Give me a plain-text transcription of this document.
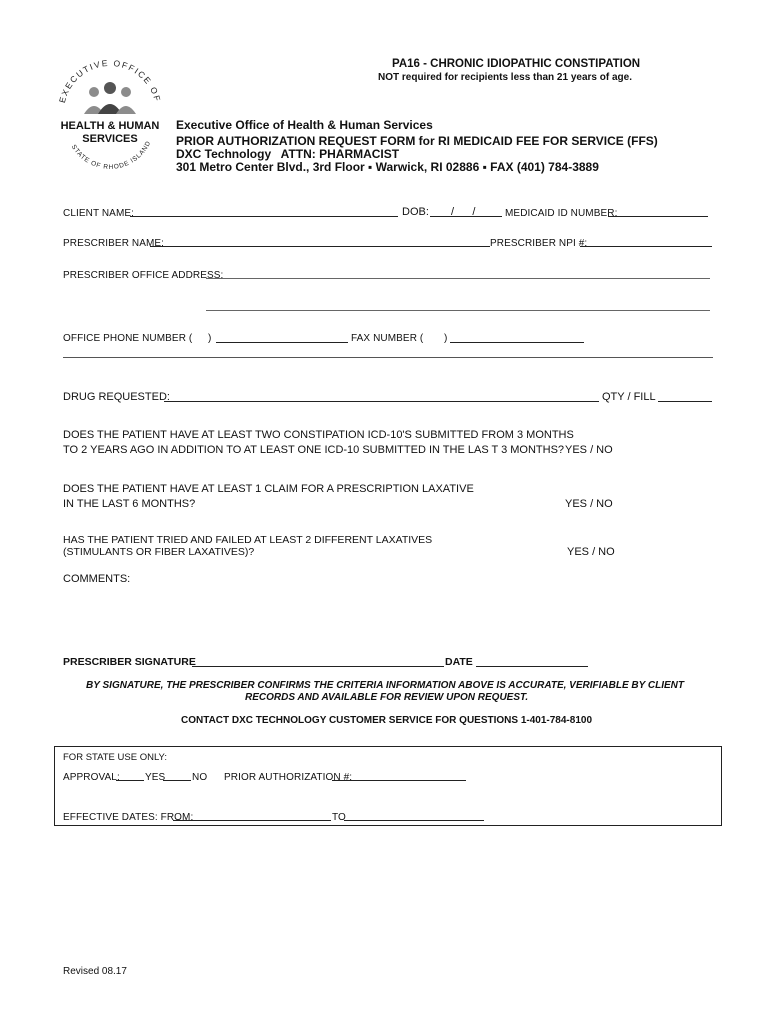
EXECUTIVE OFFICE OF
HEALTH & HUMAN
SERVICES
STATE OF RHODE ISLAND
PA16 - CHRONIC IDIOPATHIC CONSTIPATION
NOT required for recipients less than 21 years of age.
Executive Office of Health & Human Services
PRIOR AUTHORIZATION REQUEST FORM for RI MEDICAID FEE FOR SERVICE (FFS)
DXC Technology   ATTN: PHARMACIST
301 Metro Center Blvd., 3rd Floor ▪ Warwick, RI 02886 ▪ FAX (401) 784-3889
CLIENT NAME:	DOB: /      /	MEDICAID ID NUMBER:
PRESCRIBER NAME:	PRESCRIBER NPI #:
PRESCRIBER OFFICE ADDRESS:
OFFICE PHONE NUMBER ( )	FAX NUMBER ( )
DRUG REQUESTED:	QTY / FILL
DOES THE PATIENT HAVE AT LEAST TWO CONSTIPATION ICD-10'S SUBMITTED FROM 3 MONTHS
TO 2 YEARS AGO IN ADDITION TO AT LEAST ONE ICD-10 SUBMITTED IN THE LAS T 3 MONTHS? YES / NO
DOES THE PATIENT HAVE AT LEAST 1 CLAIM FOR A PRESCRIPTION LAXATIVE
IN THE LAST 6 MONTHS?	YES / NO
HAS THE PATIENT TRIED AND FAILED AT LEAST 2 DIFFERENT LAXATIVES
(STIMULANTS OR FIBER LAXATIVES)?	YES / NO
COMMENTS:
PRESCRIBER SIGNATURE	DATE
BY SIGNATURE, THE PRESCRIBER CONFIRMS THE CRITERIA INFORMATION ABOVE IS ACCURATE, VERIFIABLE BY CLIENT
RECORDS AND AVAILABLE FOR REVIEW UPON REQUEST.
CONTACT DXC TECHNOLOGY CUSTOMER SERVICE FOR QUESTIONS 1-401-784-8100
FOR STATE USE ONLY:
APPROVAL:	YES	NO PRIOR AUTHORIZATION #:
EFFECTIVE DATES: FROM:	TO
Revised 08.17
